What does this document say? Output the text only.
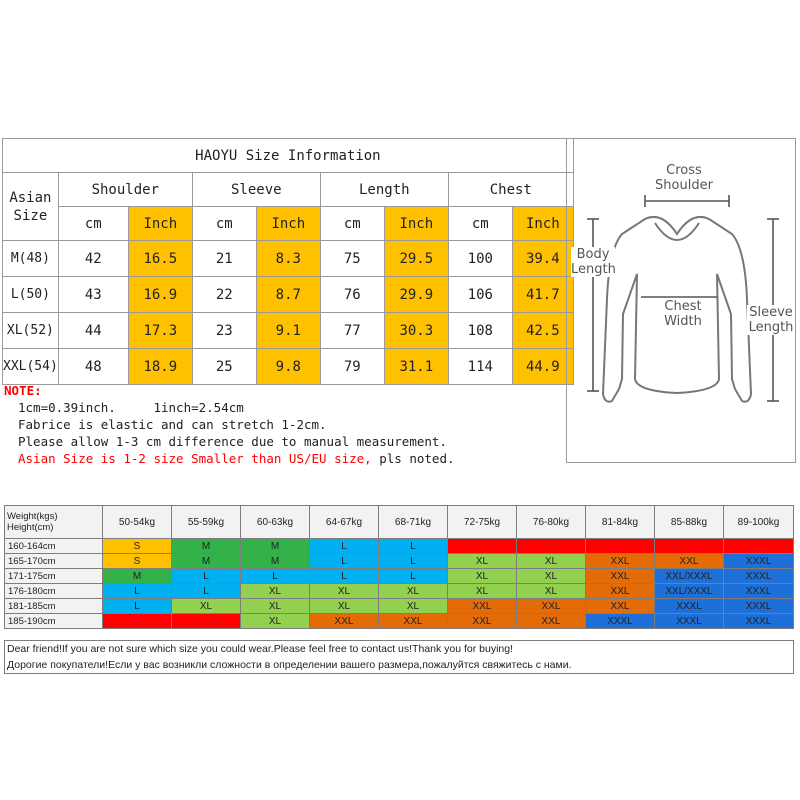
HAOYU Size Information								

Asian
Size	Shoulder		Sleeve		Length		Chest	
	cm	Inch	cm	Inch	cm	Inch	cm	Inch
M(48)	42	16.5	21	8.3	75	29.5	100	39.4
L(50)	43	16.9	22	8.7	76	29.9	106	41.7
XL(52)	44	17.3	23	9.1	77	30.3	108	42.5
XXL(54)	48	18.9	25	9.8	79	31.1	114	44.9
NOTE:
1cm=0.39inch.     1inch=2.54cm
Fabrice is elastic and can stretch 1-2cm.
Please allow 1-3 cm difference due to manual measurement.
Asian Size is 1-2 size Smaller than US/EU size, pls noted.
Cross
Shoulder
Body
Length
Chest
Width
Sleeve
Length
Weight(kgs)
Height(cm)	50-54kg	55-59kg	60-63kg	64-67kg	68-71kg	72-75kg	76-80kg	81-84kg	85-88kg	89-100kg
160-164cm	S	M	M	L	L	/	/	/	/	/
165-170cm	S	M	M	L	L	XL	XL	XXL	XXL	XXXL
171-175cm	M	L	L	L	L	XL	XL	XXL	XXL/XXXL	XXXL
176-180cm	L	L	XL	XL	XL	XL	XL	XXL	XXL/XXXL	XXXL
181-185cm	L	XL	XL	XL	XL	XXL	XXL	XXL	XXXL	XXXL
185-190cm	/	/	XL	XXL	XXL	XXL	XXL	XXXL	XXXL	XXXL
Dear friend!If you are not sure which size you could wear.Please feel free to contact us!Thank you for buying!
Дорогие покупатели!Если у вас возникли сложности в определении вашего размера,пожалуйтся свяжитесь с нами.
